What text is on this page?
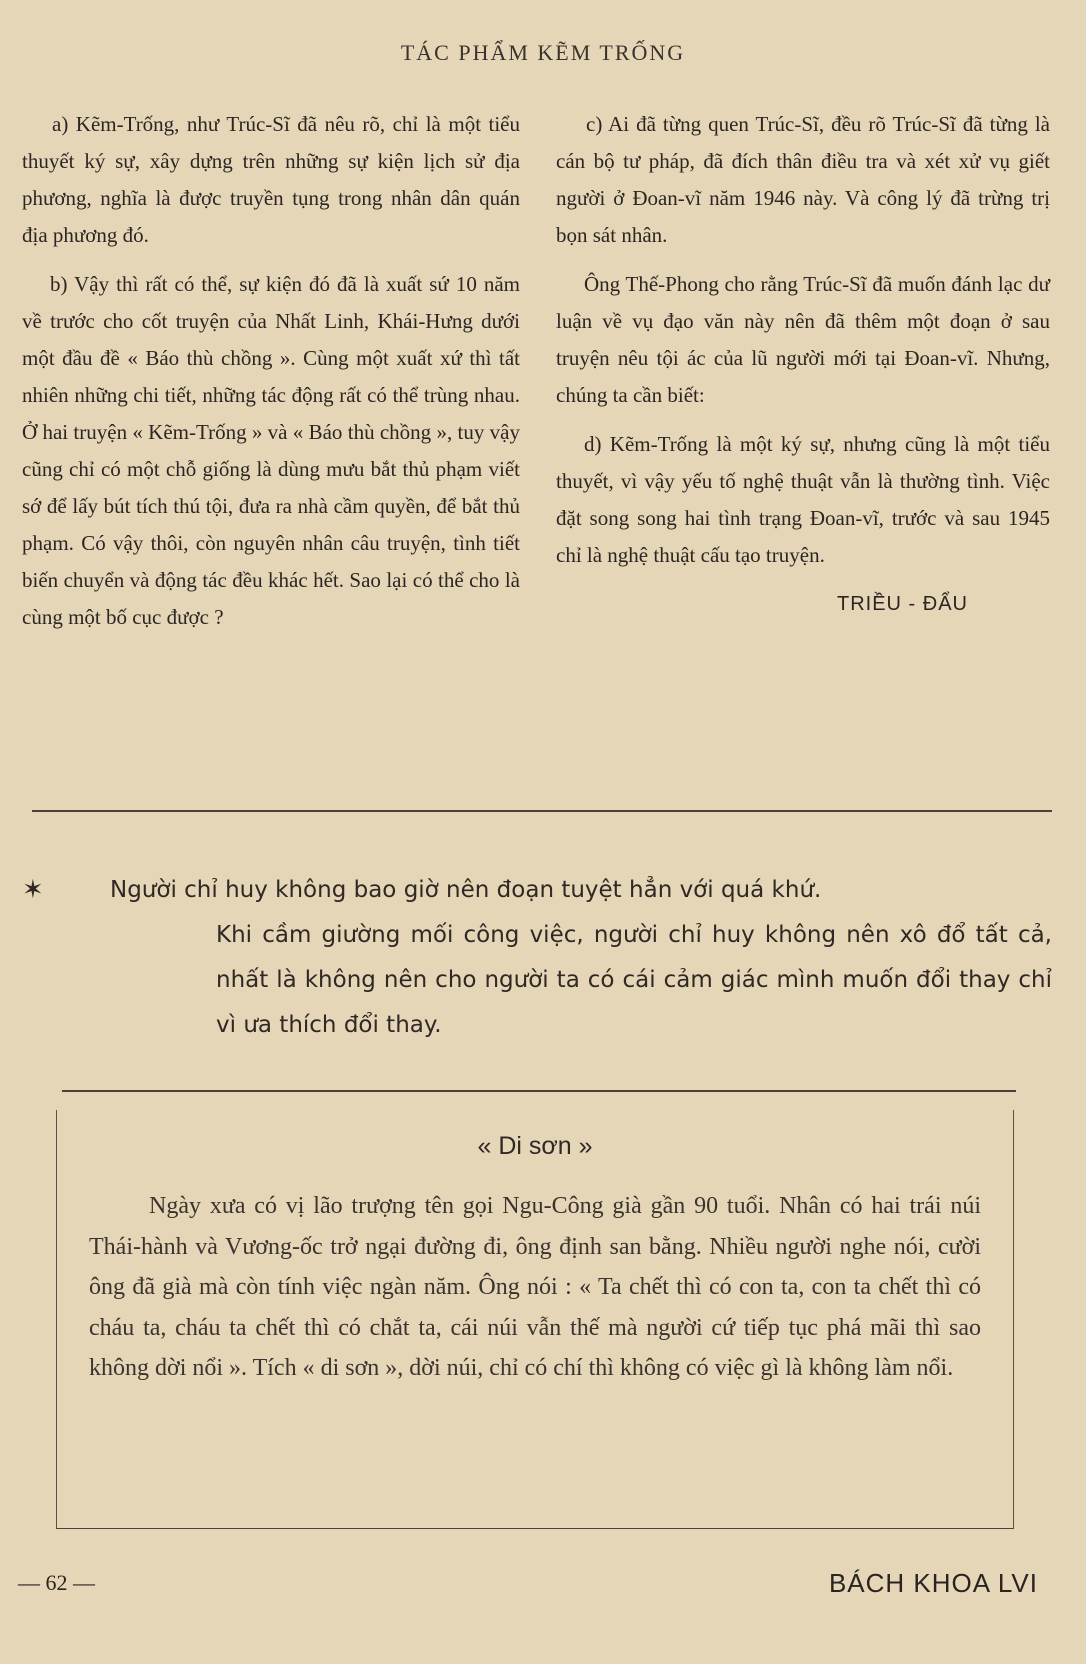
TÁC PHẨM KẼM TRỐNG

a) Kẽm-Trống, như Trúc-Sĩ đã nêu rõ, chỉ là một tiểu thuyết ký sự, xây dựng trên những sự kiện lịch sử địa phương, nghĩa là được truyền tụng trong nhân dân quán địa phương đó.

b) Vậy thì rất có thể, sự kiện đó đã là xuất sứ 10 năm về trước cho cốt truyện của Nhất Linh, Khái-Hưng dưới một đầu đề « Báo thù chồng ». Cùng một xuất xứ thì tất nhiên những chi tiết, những tác động rất có thể trùng nhau. Ở hai truyện « Kẽm-Trống » và « Báo thù chồng », tuy vậy cũng chỉ có một chỗ giống là dùng mưu bắt thủ phạm viết sớ để lấy bút tích thú tội, đưa ra nhà cầm quyền, để bắt thủ phạm. Có vậy thôi, còn nguyên nhân câu truyện, tình tiết biến chuyển và động tác đều khác hết. Sao lại có thể cho là cùng một bố cục được ?

c) Ai đã từng quen Trúc-Sĩ, đều rõ Trúc-Sĩ đã từng là cán bộ tư pháp, đã đích thân điều tra và xét xử vụ giết người ở Đoan-vĩ năm 1946 này. Và công lý đã trừng trị bọn sát nhân.

Ông Thế-Phong cho rằng Trúc-Sĩ đã muốn đánh lạc dư luận về vụ đạo văn này nên đã thêm một đoạn ở sau truyện nêu tội ác của lũ người mới tại Đoan-vĩ. Nhưng, chúng ta cần biết:

d) Kẽm-Trống là một ký sự, nhưng cũng là một tiểu thuyết, vì vậy yếu tố nghệ thuật vẫn là thường tình. Việc đặt song song hai tình trạng Đoan-vĩ, trước và sau 1945 chỉ là nghệ thuật cấu tạo truyện.

TRIỀU - ĐẨU
✶	Người chỉ huy không bao giờ nên đoạn tuyệt hẳn với quá khứ.
Khi cầm giường mối công việc, người chỉ huy không nên xô đổ tất cả, nhất là không nên cho người ta có cái cảm giác mình muốn đổi thay chỉ vì ưa thích đổi thay.
« Di sơn »
Ngày xưa có vị lão trượng tên gọi Ngu-Công già gần 90 tuổi. Nhân có hai trái núi Thái-hành và Vương-ốc trở ngại đường đi, ông định san bằng. Nhiều người nghe nói, cười ông đã già mà còn tính việc ngàn năm. Ông nói : « Ta chết thì có con ta, con ta chết thì có cháu ta, cháu ta chết thì có chắt ta, cái núi vẫn thế mà người cứ tiếp tục phá mãi thì sao không dời nổi ». Tích « di sơn », dời núi, chỉ có chí thì không có việc gì là không làm nổi.
— 62 —	BÁCH KHOA LVI
